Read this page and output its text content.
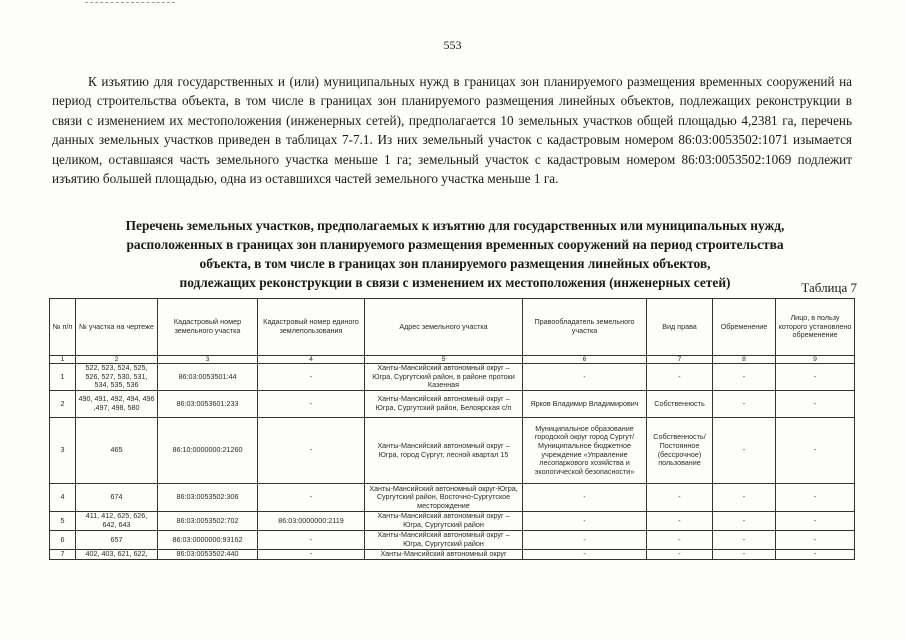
553

К изъятию для государственных и (или) муниципальных нужд в границах зон планируемого размещения временных сооружений на период строительства объекта, в том числе в границах зон планируемого размещения линейных объектов, подлежащих реконструкции в связи с изменением их местоположения (инженерных сетей), предполагается 10 земельных участков общей площадью 4,2381 га, перечень данных земельных участков приведен в таблицах 7-7.1. Из них земельный участок с кадастровым номером 86:03:0053502:1071 изымается целиком, оставшаяся часть земельного участка меньше 1 га; земельный участок с кадастровым номером 86:03:0053502:1069 подлежит изъятию большей площадью, одна из оставшихся частей земельного участка меньше 1 га.

Перечень земельных участков, предполагаемых к изъятию для государственных или муниципальных нужд,
расположенных в границах зон планируемого размещения временных сооружений на период строительства
объекта, в том числе в границах зон планируемого размещения линейных объектов,
подлежащих реконструкции в связи с изменением их местоположения (инженерных сетей)	Таблица 7
№ п/п	№ участка на чертеже	Кадастровый номер земельного участка	Кадастровый номер единого землепользования	Адрес земельного участка	Правообладатель земельного участка	Вид права	Обременение	Лицо, в пользу которого установлено обременение
1	2	3	4	5	6	7	8	9
1	522, 523, 524, 525, 526, 527, 530, 531, 534, 535, 536	86:03:0053501:44	-	Ханты-Мансийский автономный округ – Югра, Сургутский район, в районе протоки Казенная	-	-	-	-
2	490, 491, 492, 494, 496 ,497, 498, 580	86:03:0053601:233	-	Ханты-Мансийский автономный округ – Югра, Сургутский район, Белоярская с/п	Ярков Владимир Владимирович	Собственность	-	-
3	465	86:10:0000000:21260	-	Ханты-Мансийский автономный округ – Югра, город Сургут, лесной квартал 15	Муниципальное образование городской округ город Сургут/ Муниципальное бюджетное учреждение «Управление лесопаркового хозяйства и экологической безопасности»	Собственность/ Постоянное (бессрочное) пользование	-	-
4	674	86:03:0053502:306	-	Ханты-Мансийский автономный округ-Югра, Сургутский район, Восточно-Сургутское месторождение	-	-	-	-
5	411, 412, 625, 626, 642, 643	86:03:0053502:702	86:03:0000000:2119	Ханты-Мансийский автономный округ – Югра, Сургутский район	-	-	-	-
6	657	86:03:0000000:93162	-	Ханты-Мансийский автономный округ – Югра, Сургутский район	-	-	-	-
7	402, 403, 621, 622,	86:03:0053502:440	-	Ханты-Мансийский автономный округ	-	-	-	-
